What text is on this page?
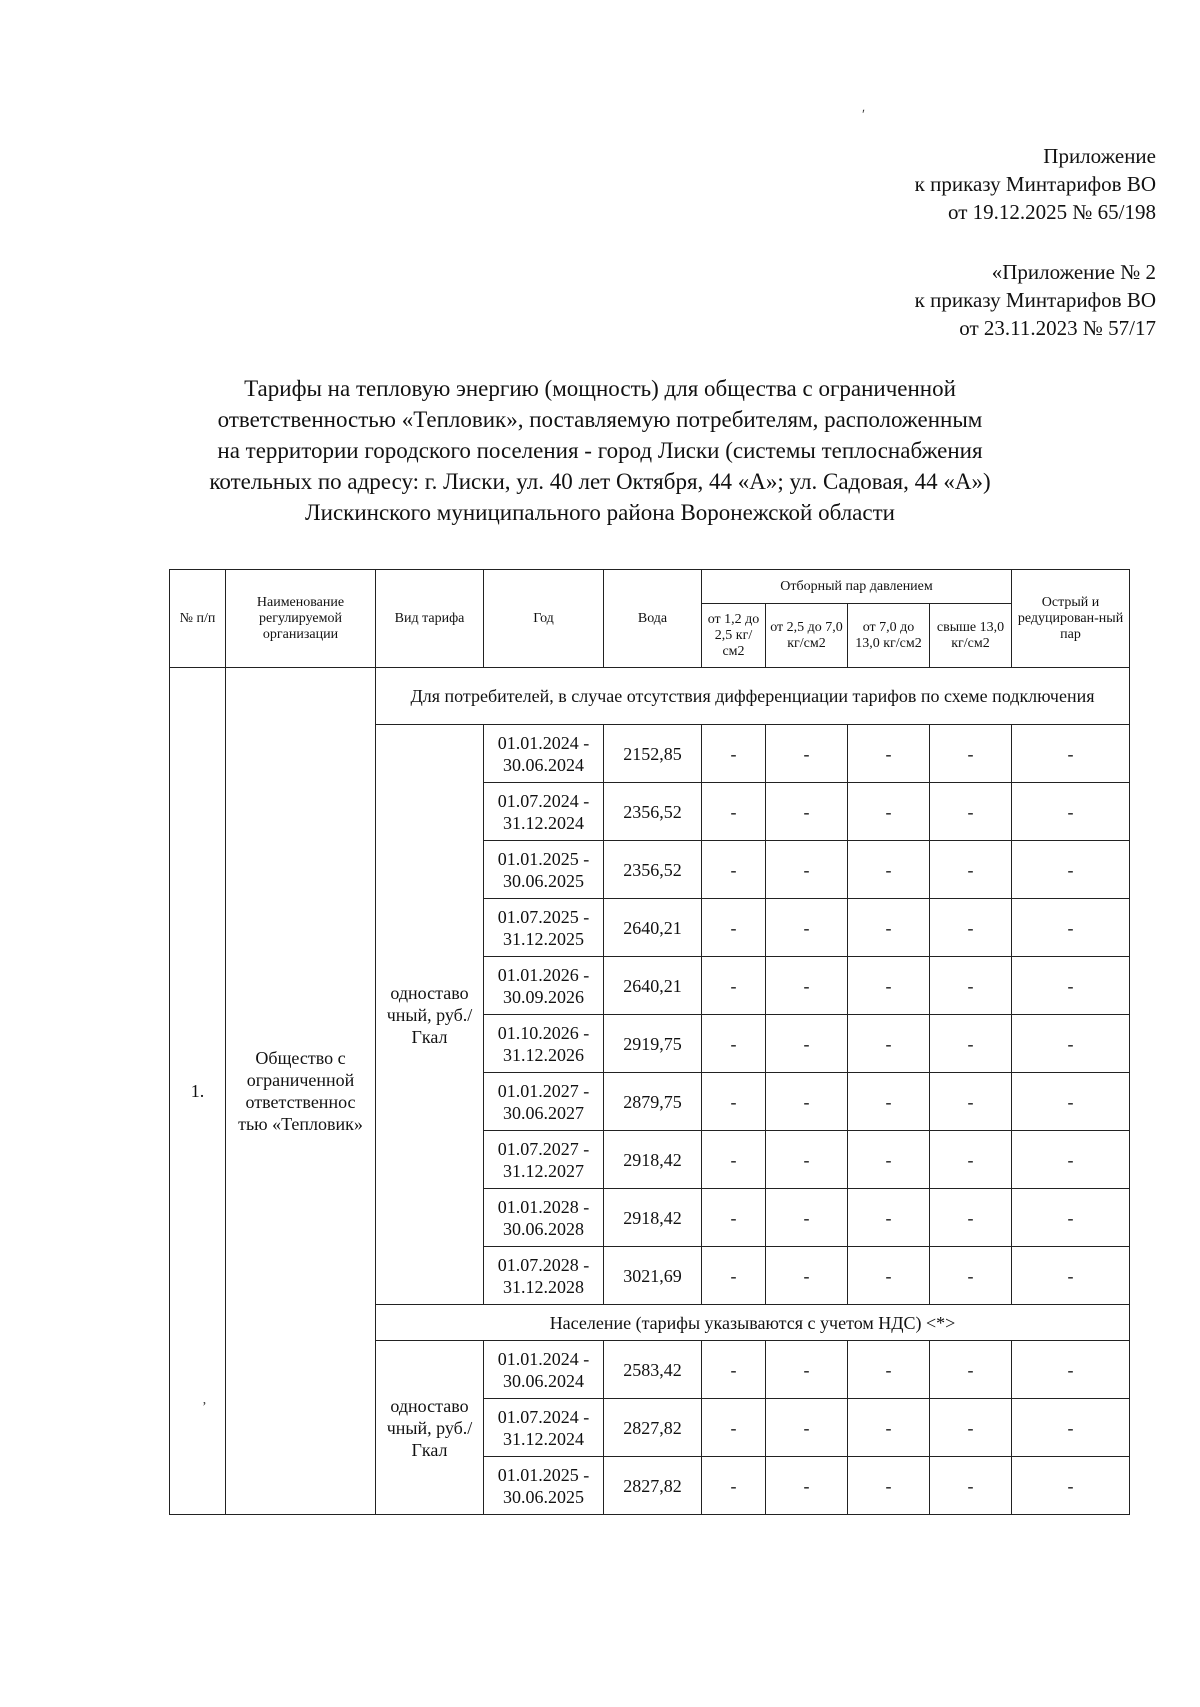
ʹ
Приложение
к приказу Минтарифов ВО
от 19.12.2025 № 65/198
«Приложение № 2
к приказу Минтарифов ВО
от 23.11.2023 № 57/17
Тарифы на тепловую энергию (мощность) для общества с ограниченной
ответственностью «Тепловик», поставляемую потребителям, расположенным
на территории городского поселения - город Лиски (системы теплоснабжения
котельных по адресу: г. Лиски, ул. 40 лет Октября, 44 «А»; ул. Садовая, 44 «А»)
Лискинского муниципального района Воронежской области
№ п/п	Наименование регулируемой организации	Вид тарифа	Год	Вода	Отборный пар давлением				Острый и редуцирован-ный пар
					от 1,2 до 2,5 кг/см2	от 2,5 до 7,0 кг/см2	от 7,0 до 13,0 кг/см2	свыше 13,0 кг/см2	
1.	Общество с ограниченной ответственнос тью «Тепловик»	Для потребителей, в случае отсутствия дифференциации тарифов по схеме подключения							
		одноставо чный, руб./Гкал	01.01.2024 - 30.06.2024	2152,85	-	-	-	-	-
			01.07.2024 - 31.12.2024	2356,52	-	-	-	-	-
			01.01.2025 - 30.06.2025	2356,52	-	-	-	-	-
			01.07.2025 - 31.12.2025	2640,21	-	-	-	-	-
			01.01.2026 - 30.09.2026	2640,21	-	-	-	-	-
			01.10.2026 - 31.12.2026	2919,75	-	-	-	-	-
			01.01.2027 - 30.06.2027	2879,75	-	-	-	-	-
			01.07.2027 - 31.12.2027	2918,42	-	-	-	-	-
			01.01.2028 - 30.06.2028	2918,42	-	-	-	-	-
			01.07.2028 - 31.12.2028	3021,69	-	-	-	-	-
		Население (тарифы указываются с учетом НДС) <*>							
		одноставо чный, руб./Гкал	01.01.2024 - 30.06.2024	2583,42	-	-	-	-	-
			01.07.2024 - 31.12.2024	2827,82	-	-	-	-	-
			01.01.2025 - 30.06.2025	2827,82	-	-	-	-	-
ʼ
